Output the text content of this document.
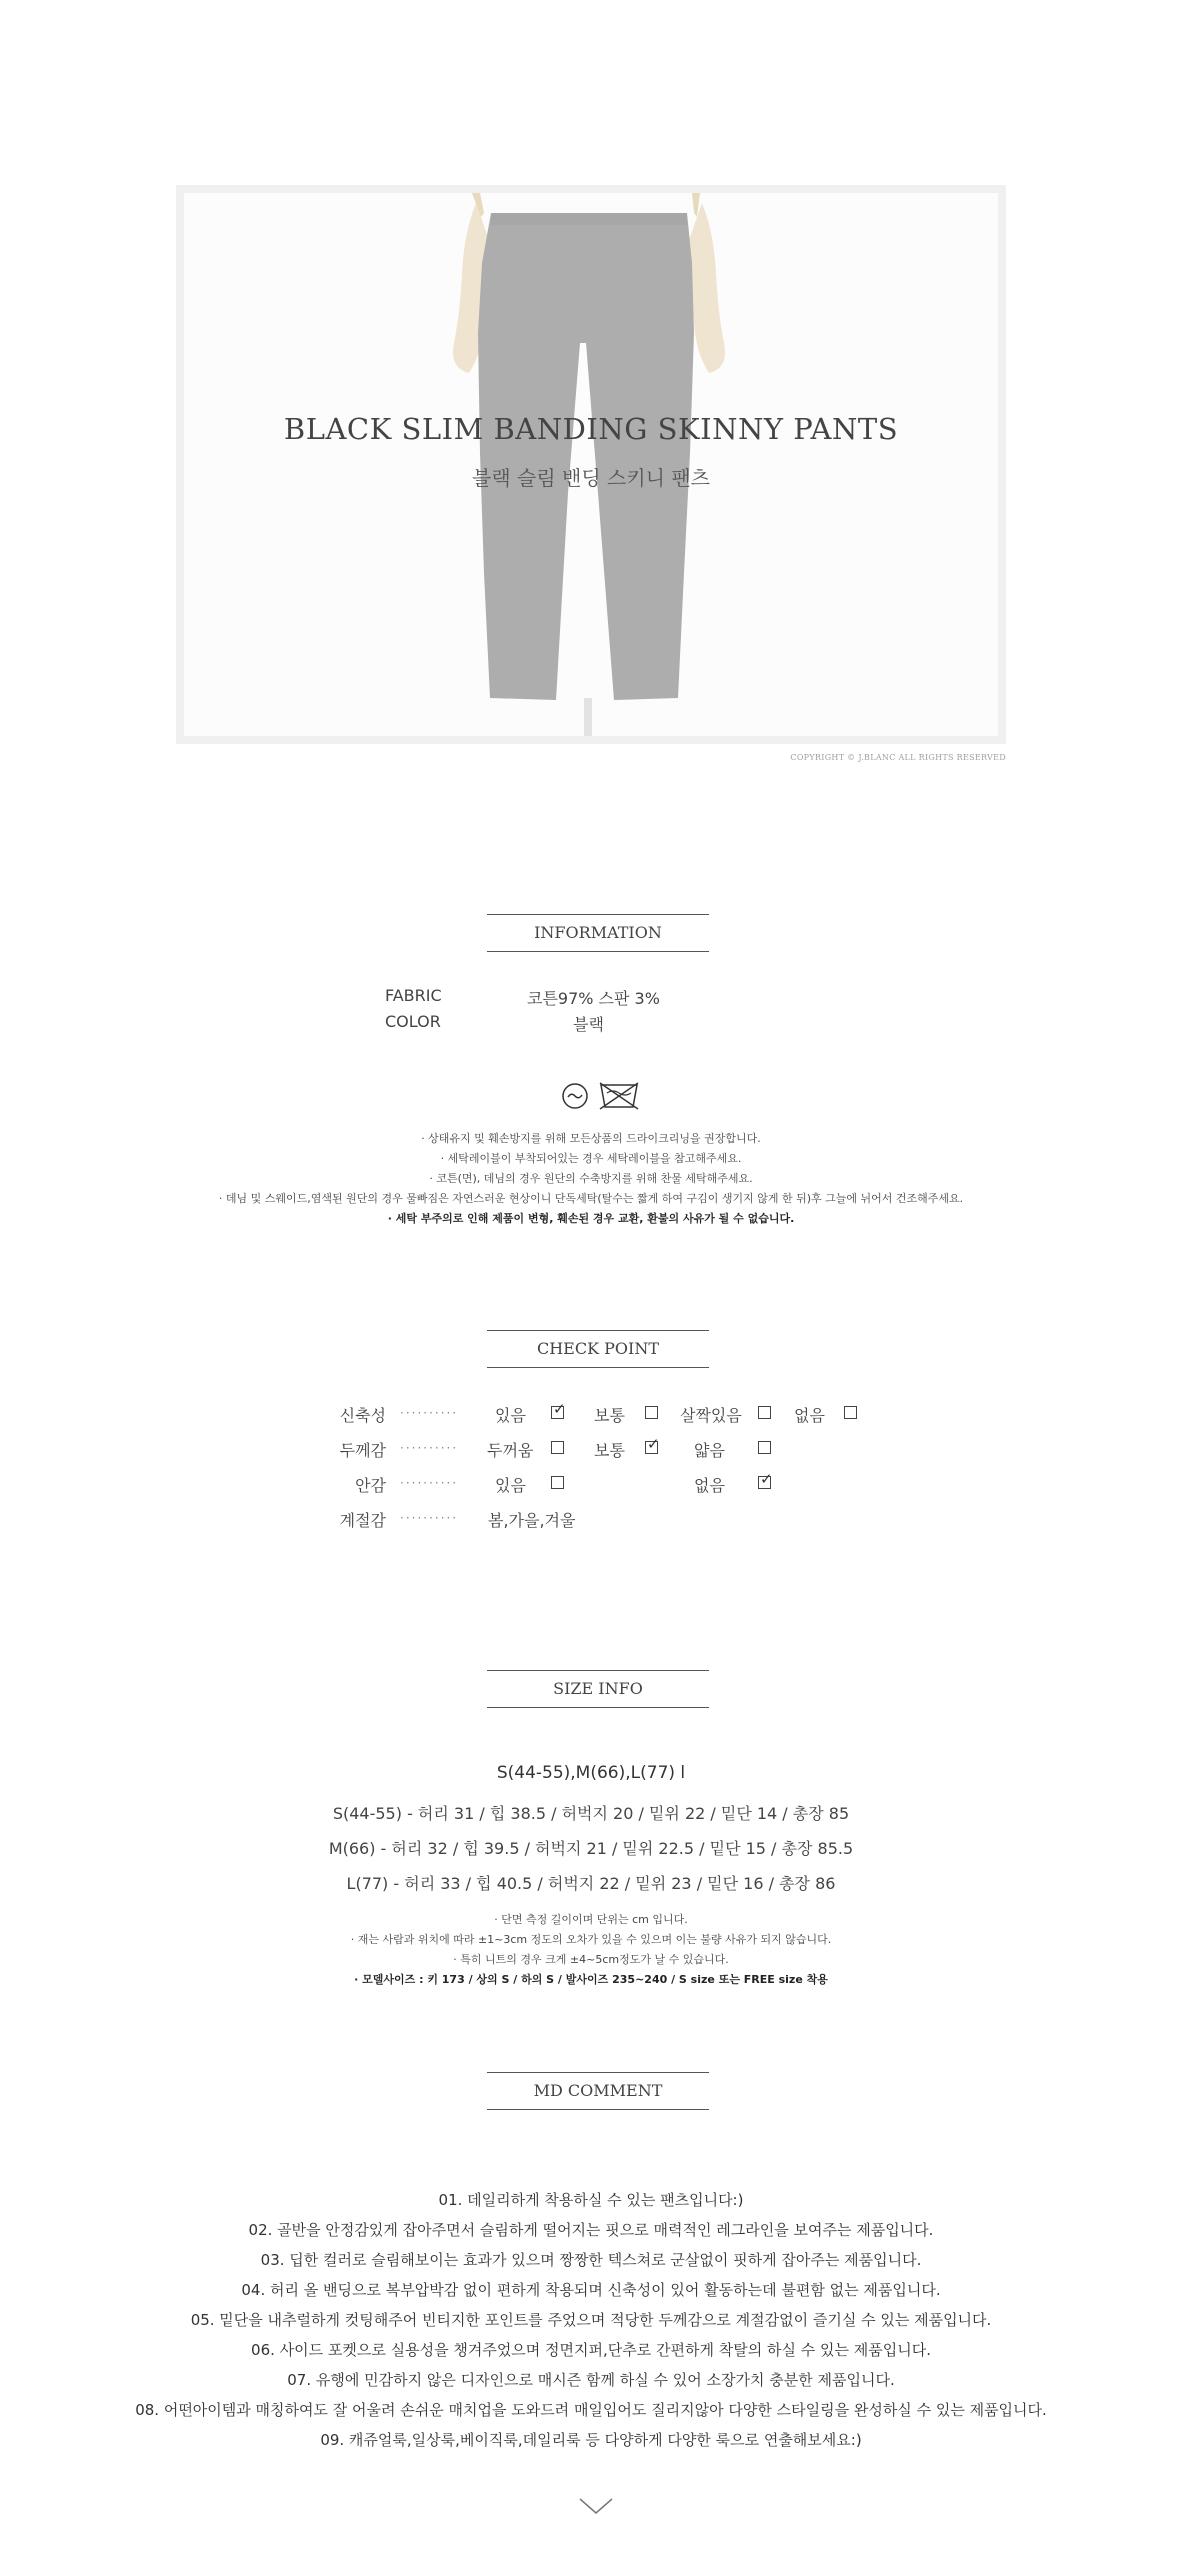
BLACK SLIM BANDING SKINNY PANTS
블랙 슬림 밴딩 스키니 팬츠
COPYRIGHT © J.BLANC ALL RIGHTS RESERVED
INFORMATION
FABRIC	코튼97% 스판 3%
COLOR	블랙
· 상태유지 및 훼손방지를 위해 모든상품의 드라이크리닝을 권장합니다.
· 세탁레이블이 부착되어있는 경우 세탁레이블을 참고해주세요.
· 코튼(면), 데님의 경우 원단의 수축방지를 위해 찬물 세탁해주세요.
· 데님 및 스웨이드,염색된 원단의 경우 물빠짐은 자연스러운 현상이니 단독세탁(탈수는 짧게 하여 구김이 생기지 않게 한 뒤)후 그늘에 뉘어서 건조해주세요.
· 세탁 부주의로 인해 제품이 변형, 훼손된 경우 교환, 환불의 사유가 될 수 없습니다.
CHECK POINT
신축성 ·········· 있음 ✓ 보통	살짝있음	없음
두께감 ·········· 두꺼움	보통 ✓ 얇음
안감 ·········· 있음	없음 ✓
계절감 ·········· 봄,가을,겨울
SIZE INFO
S(44-55),M(66),L(77) l
S(44-55) - 허리 31 / 힙 38.5 / 허벅지 20 / 밑위 22 / 밑단 14 / 총장 85
M(66) - 허리 32 / 힙 39.5 / 허벅지 21 / 밑위 22.5 / 밑단 15 / 총장 85.5
L(77) - 허리 33 / 힙 40.5 / 허벅지 22 / 밑위 23 / 밑단 16 / 총장 86
· 단면 측정 길이이며 단위는 cm 입니다.
· 재는 사람과 위치에 따라 ±1~3cm 정도의 오차가 있을 수 있으며 이는 불량 사유가 되지 않습니다.
· 특히 니트의 경우 크게 ±4~5cm정도가 날 수 있습니다.
· 모델사이즈 : 키 173 / 상의 S / 하의 S / 발사이즈 235~240 / S size 또는 FREE size 착용
MD COMMENT
01. 데일리하게 착용하실 수 있는 팬츠입니다:)
02. 골반을 안정감있게 잡아주면서 슬림하게 떨어지는 핏으로 매력적인 레그라인을 보여주는 제품입니다.
03. 딥한 컬러로 슬림해보이는 효과가 있으며 짱짱한 텍스쳐로 군살없이 핏하게 잡아주는 제품입니다.
04. 허리 올 밴딩으로 복부압박감 없이 편하게 착용되며 신축성이 있어 활동하는데 불편함 없는 제품입니다.
05. 밑단을 내추럴하게 컷팅해주어 빈티지한 포인트를 주었으며 적당한 두께감으로 계절감없이 즐기실 수 있는 제품입니다.
06. 사이드 포켓으로 실용성을 챙겨주었으며 정면지퍼,단추로 간편하게 착탈의 하실 수 있는 제품입니다.
07. 유행에 민감하지 않은 디자인으로 매시즌 함께 하실 수 있어 소장가치 충분한 제품입니다.
08. 어떤아이템과 매칭하여도 잘 어울려 손쉬운 매치업을 도와드려 매일입어도 질리지않아 다양한 스타일링을 완성하실 수 있는 제품입니다.
09. 캐쥬얼룩,일상룩,베이직룩,데일리룩 등 다양하게 다양한 룩으로 연출해보세요:)
